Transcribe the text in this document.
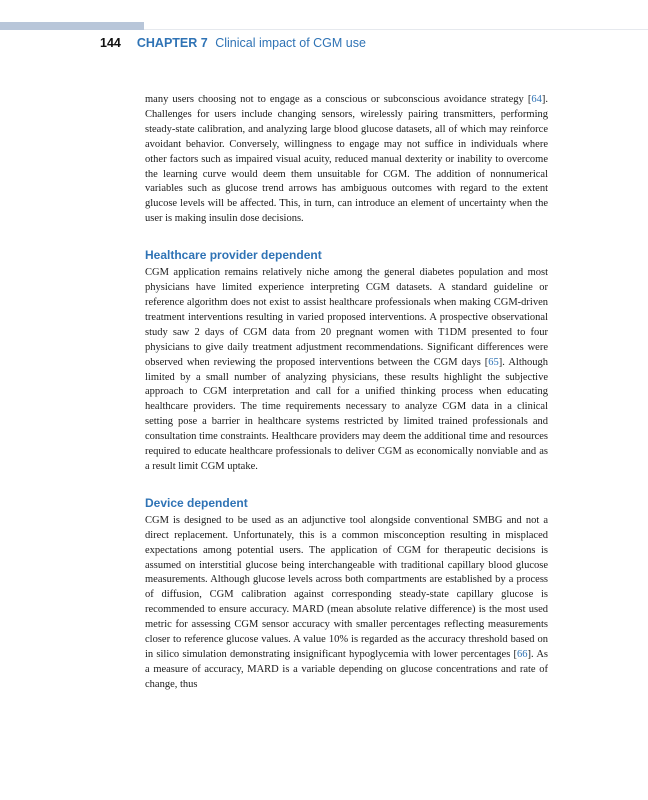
144 CHAPTER 7 Clinical impact of CGM use

many users choosing not to engage as a conscious or subconscious avoidance strategy [64]. Challenges for users include changing sensors, wirelessly pairing transmitters, performing steady-state calibration, and analyzing large blood glucose datasets, all of which may reinforce avoidant behavior. Conversely, willingness to engage may not suffice in individuals where other factors such as impaired visual acuity, reduced manual dexterity or inability to overcome the learning curve would deem them unsuitable for CGM. The addition of nonnumerical variables such as glucose trend arrows has ambiguous outcomes with regard to the extent glucose levels will be affected. This, in turn, can introduce an element of uncertainty when the user is making insulin dose decisions.

Healthcare provider dependent

CGM application remains relatively niche among the general diabetes population and most physicians have limited experience interpreting CGM datasets. A standard guideline or reference algorithm does not exist to assist healthcare professionals when making CGM-driven treatment interventions resulting in varied proposed interventions. A prospective observational study saw 2 days of CGM data from 20 pregnant women with T1DM presented to four physicians to give daily treatment adjustment recommendations. Significant differences were observed when reviewing the proposed interventions between the CGM days [65]. Although limited by a small number of analyzing physicians, these results highlight the subjective approach to CGM interpretation and call for a unified thinking process when educating healthcare providers. The time requirements necessary to analyze CGM data in a clinical setting pose a barrier in healthcare systems restricted by limited trained professionals and consultation time constraints. Healthcare providers may deem the additional time and resources required to educate healthcare professionals to deliver CGM as economically nonviable and as a result limit CGM uptake.

Device dependent

CGM is designed to be used as an adjunctive tool alongside conventional SMBG and not a direct replacement. Unfortunately, this is a common misconception resulting in misplaced expectations among potential users. The application of CGM for therapeutic decisions is assumed on interstitial glucose being interchangeable with traditional capillary blood glucose measurements. Although glucose levels across both compartments are established by a process of diffusion, CGM calibration against corresponding steady-state capillary glucose is recommended to ensure accuracy. MARD (mean absolute relative difference) is the most used metric for assessing CGM sensor accuracy with smaller percentages reflecting measurements closer to reference glucose values. A value 10% is regarded as the accuracy threshold based on in silico simulation demonstrating insignificant hypoglycemia with lower percentages [66]. As a measure of accuracy, MARD is a variable depending on glucose concentrations and rate of change, thus
